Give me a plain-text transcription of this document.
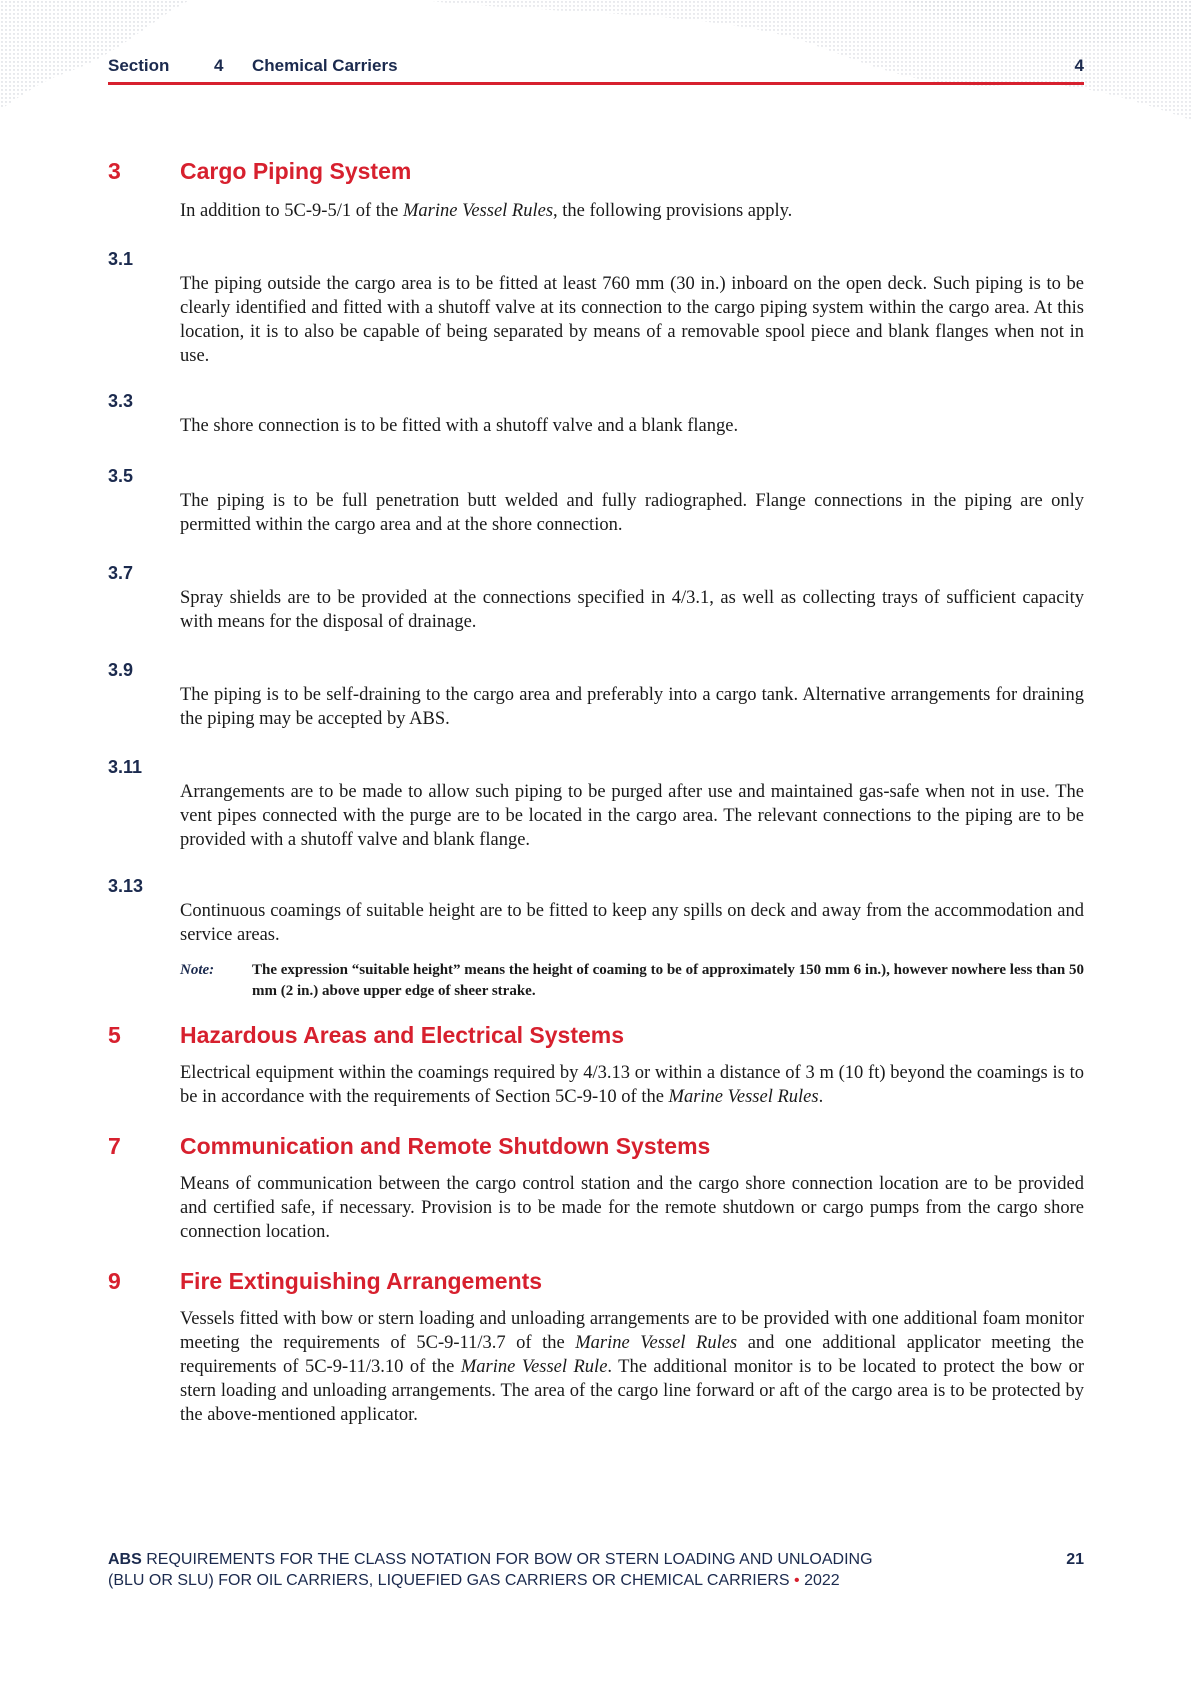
Section	4 Chemical Carriers	4
3	Cargo Piping System
In addition to 5C-9-5/1 of the Marine Vessel Rules, the following provisions apply.
3.1
The piping outside the cargo area is to be fitted at least 760 mm (30 in.) inboard on the open deck. Such piping is to be clearly identified and fitted with a shutoff valve at its connection to the cargo piping system within the cargo area. At this location, it is to also be capable of being separated by means of a removable spool piece and blank flanges when not in use.
3.3
The shore connection is to be fitted with a shutoff valve and a blank flange.
3.5
The piping is to be full penetration butt welded and fully radiographed. Flange connections in the piping are only permitted within the cargo area and at the shore connection.
3.7
Spray shields are to be provided at the connections specified in 4/3.1, as well as collecting trays of sufficient capacity with means for the disposal of drainage.
3.9
The piping is to be self-draining to the cargo area and preferably into a cargo tank. Alternative arrangements for draining the piping may be accepted by ABS.
3.11
Arrangements are to be made to allow such piping to be purged after use and maintained gas-safe when not in use. The vent pipes connected with the purge are to be located in the cargo area. The relevant connections to the piping are to be provided with a shutoff valve and blank flange.
3.13
Continuous coamings of suitable height are to be fitted to keep any spills on deck and away from the accommodation and service areas.
Note:	The expression “suitable height” means the height of coaming to be of approximately 150 mm 6 in.), however nowhere less than 50 mm (2 in.) above upper edge of sheer strake.
5	Hazardous Areas and Electrical Systems
Electrical equipment within the coamings required by 4/3.13 or within a distance of 3 m (10 ft) beyond the coamings is to be in accordance with the requirements of Section 5C-9-10 of the Marine Vessel Rules.
7	Communication and Remote Shutdown Systems
Means of communication between the cargo control station and the cargo shore connection location are to be provided and certified safe, if necessary. Provision is to be made for the remote shutdown or cargo pumps from the cargo shore connection location.
9	Fire Extinguishing Arrangements
Vessels fitted with bow or stern loading and unloading arrangements are to be provided with one additional foam monitor meeting the requirements of 5C-9-11/3.7 of the Marine Vessel Rules and one additional applicator meeting the requirements of 5C-9-11/3.10 of the Marine Vessel Rule. The additional monitor is to be located to protect the bow or stern loading and unloading arrangements. The area of the cargo line forward or aft of the cargo area is to be protected by the above-mentioned applicator.
ABS REQUIREMENTS FOR THE CLASS NOTATION FOR BOW OR STERN LOADING AND UNLOADING
(BLU OR SLU) FOR OIL CARRIERS, LIQUEFIED GAS CARRIERS OR CHEMICAL CARRIERS • 2022
21
